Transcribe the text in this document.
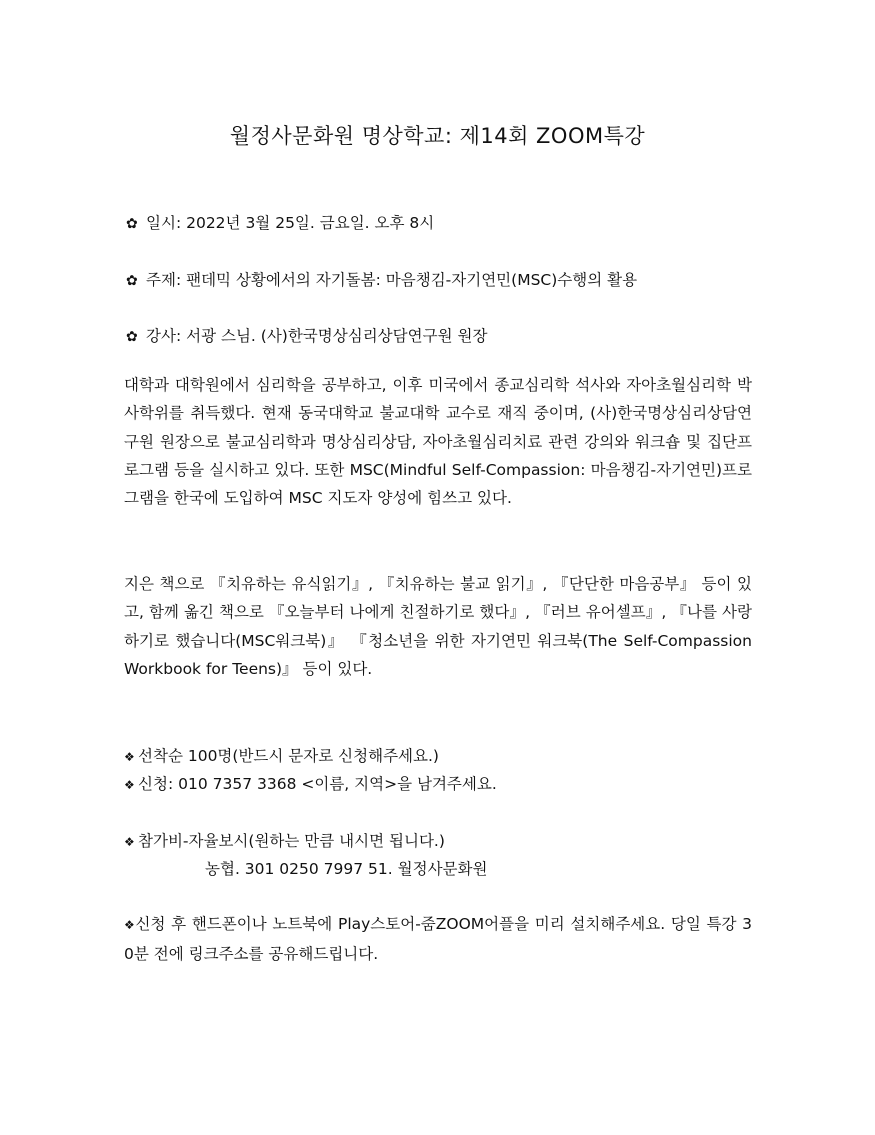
월정사문화원 명상학교: 제14회 ZOOM특강
✿ 일시: 2022년 3월 25일. 금요일. 오후 8시
✿ 주제: 팬데믹 상황에서의 자기돌봄: 마음챙김-자기연민(MSC)수행의 활용
✿ 강사: 서광 스님. (사)한국명상심리상담연구원 원장
대학과 대학원에서 심리학을 공부하고, 이후 미국에서 종교심리학 석사와 자아초월심리학 박사학위를 취득했다. 현재 동국대학교 불교대학 교수로 재직 중이며, (사)한국명상심리상담연구원 원장으로 불교심리학과 명상심리상담, 자아초월심리치료 관련 강의와 워크숍 및 집단프로그램 등을 실시하고 있다. 또한 MSC(Mindful Self-Compassion: 마음챙김-자기연민)프로그램을 한국에 도입하여 MSC 지도자 양성에 힘쓰고 있다.
지은 책으로 『치유하는 유식읽기』, 『치유하는 불교 읽기』, 『단단한 마음공부』 등이 있고, 함께 옮긴 책으로 『오늘부터 나에게 친절하기로 했다』, 『러브 유어셀프』, 『나를 사랑하기로 했습니다(MSC워크북)』 『청소년을 위한 자기연민 워크북(The Self-Compassion Workbook for Teens)』 등이 있다.
❖ 선착순 100명(반드시 문자로 신청해주세요.)
❖ 신청: 010 7357 3368 <이름, 지역>을 남겨주세요.
❖ 참가비-자율보시(원하는 만큼 내시면 됩니다.)
농협. 301 0250 7997 51. 월정사문화원
❖신청 후 핸드폰이나 노트북에 Play스토어-줌ZOOM어플을 미리 설치해주세요. 당일 특강 30분 전에 링크주소를 공유해드립니다.
